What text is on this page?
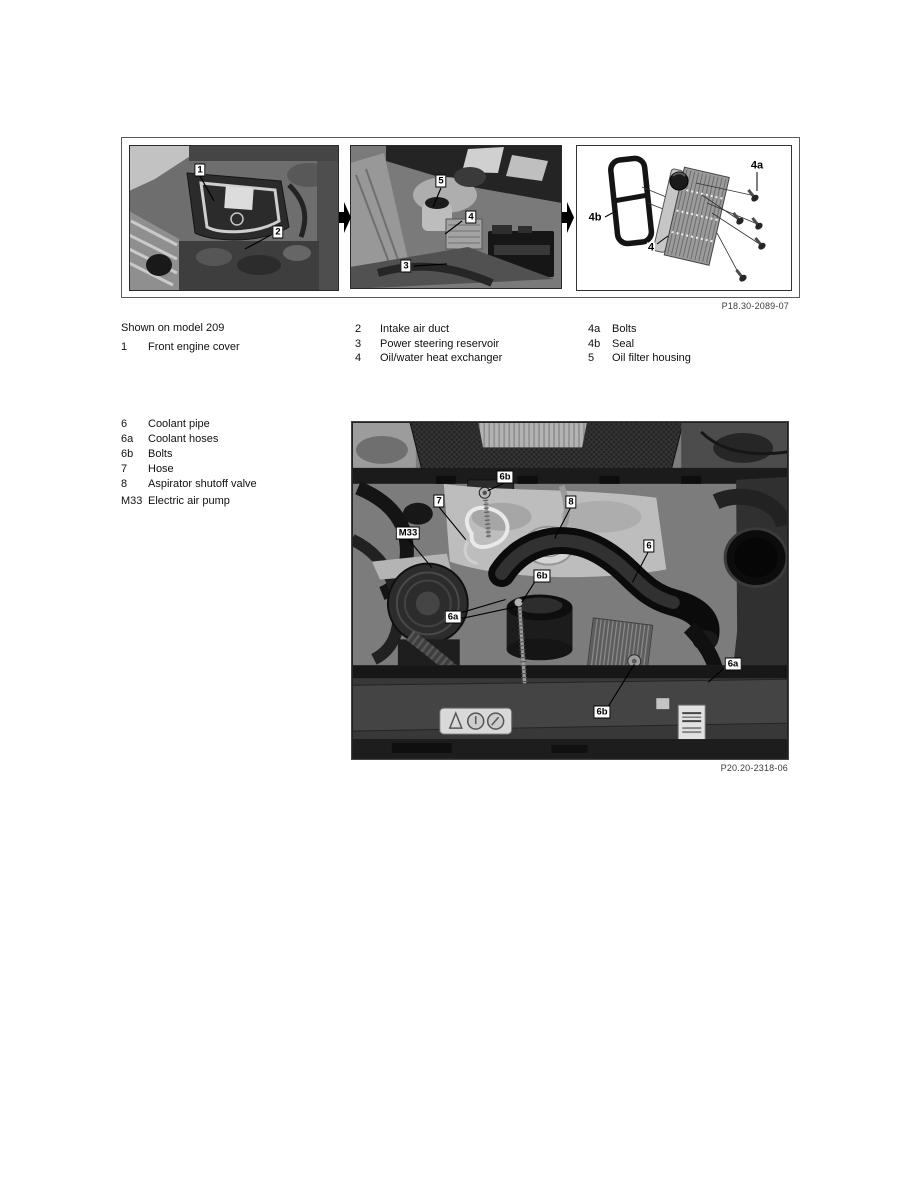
1
2
5
4
3
4a
4b
4
P18.30-2089-07
Shown on model 209
1	Front engine cover
2	Intake air duct
3	Power steering reservoir
4	Oil/water heat exchanger
4a	Bolts
4b	Seal
5	Oil filter housing
6	Coolant pipe
6a	Coolant hoses
6b	Bolts
7	Hose
8	Aspirator shutoff valve
M33 Electric air pump
6b
7	8
M33
6
6b
6a
6a
6b
P20.20-2318-06
